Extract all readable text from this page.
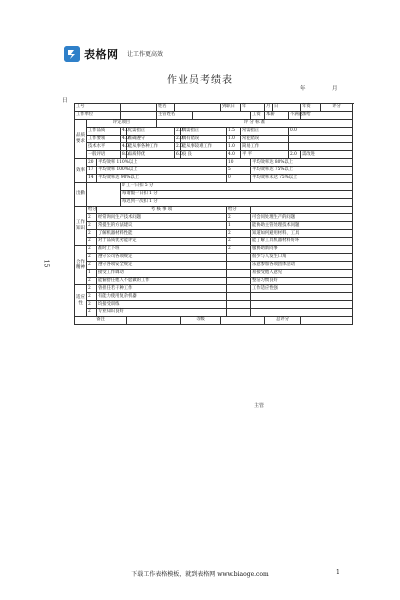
表格网 让工作更高效
作业员考绩表
年	月
日
15
工号					姓名				到职日		年		月	日		年资	评分
工作单位					主管姓名							工资	本薪		不满意	加给	
品质要求	评定项目				评 分 标 准												
	工作品质		4.0	无需指正		2.0	偶需指正			1.5	常需指正				0.0		
	工作要领		4.0	准确遵守		2.0	偶有错误			1.0	常犯错误						
	技术水平		4.0	能从事各种工作		2.0	能从事较难工作			1.0	简易工作						
	一般评语		8.0	品质特优		6.0	良 良			4.0	平 平				2.0	需改进	
效率	20	平均效率 110%以上								10		平均效率达 80%以上					
	17	平均效率 100%以上								5		平均效率达 75%以上					
	14	平均效率达 90%以上								0		平均效率未达 75%以上					
出勤			旷工一日扣 5 分														
			每请假一日扣 1 分														
			每迟到一次扣 1 分														
工作知识	给分	考 核 事 项								给分							
	2	经常询问生产技术问题								2		可会同处理生产的问题					
	2	常提生的方法建议								1		能协助主管处理技术问题					
	2	了解机器材料性能								2		知道如何避用材料、工具					
	2	对于品质优劣能评定								2		能了解工具机器材料好坏					
合作精神	2	准时上下班								2		服协助新同事					
	2	遵守公司各项规定										很少与人发生口角					
	2	遵守各项安全规定										乐意参加各项团体活动					
	1	接受工作调动										易接受他人意见					
	2	能愉舒任他人不愿做的工作										整洁习惯良好					
适应性	2	曾担任若干种工作										工作适应性强					
	2	有能力使用复杂机器															
	2	均接受训练															
	2	专业知识良好															
备注							等级						总评分				
主管
下载工作表格模板，就到表格网 www.biaoge.com	1
